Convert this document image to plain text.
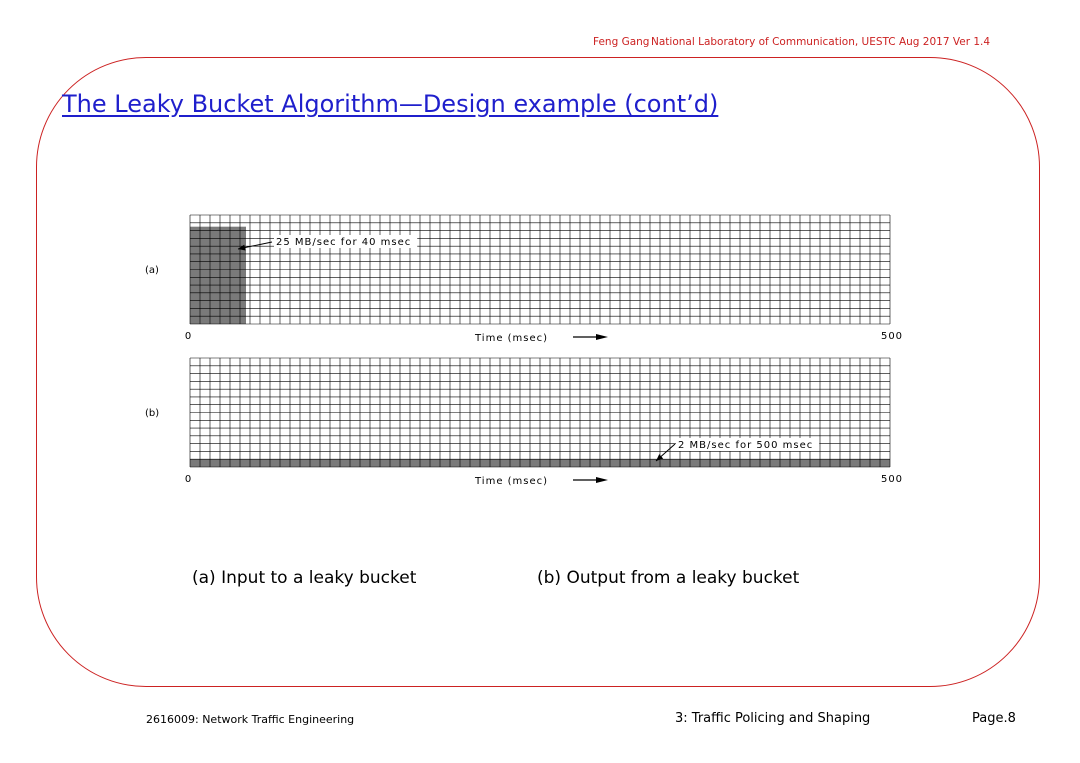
Feng Gang National Laboratory of Communication, UESTC Aug 2017 Ver 1.4
The Leaky Bucket Algorithm—Design example (cont’d)
(a)
0	500
Time (msec)
25 MB/sec for 40 msec
(b)
0	500
Time (msec)
2 MB/sec for 500 msec
(a) Input to a leaky bucket	(b) Output from a leaky bucket
2616009: Network Traffic Engineering	3: Traffic Policing and Shaping	Page.8
